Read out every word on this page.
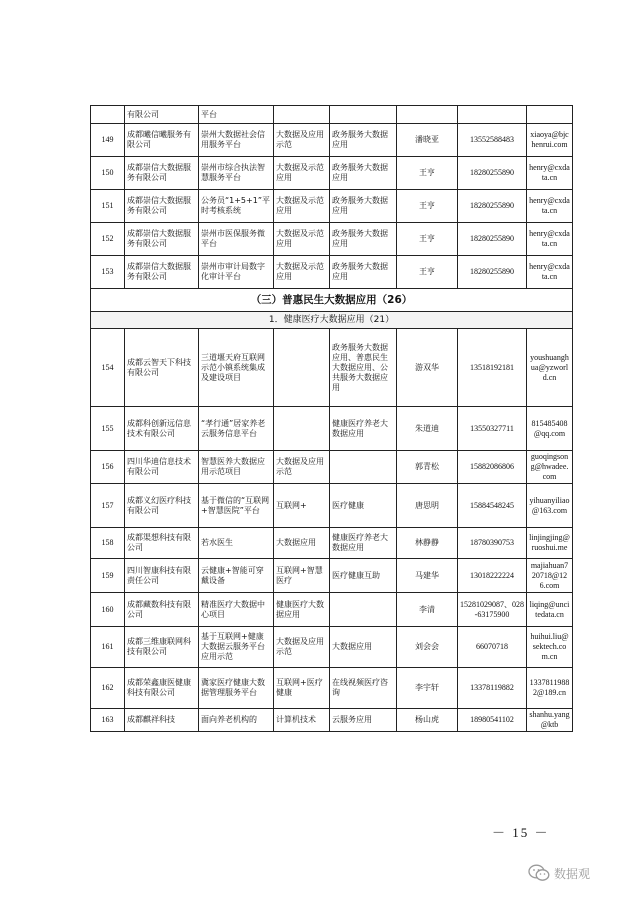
	有限公司	平台					
149	成都曦信曦服务有限公司	崇州大数据社会信用服务平台	大数据及应用示范	政务服务大数据应用	潘晓亚	13552588483	xiaoya@bjchenrui.com
150	成都崇信大数据服务有限公司	崇州市综合执法智慧服务平台	大数据及示范应用	政务服务大数据应用	王亨	18280255890	henry@cxdata.cn
151	成都崇信大数据服务有限公司	公务员“1+5+1”平时考核系统	大数据及示范应用	政务服务大数据应用	王亨	18280255890	henry@cxdata.cn
152	成都崇信大数据服务有限公司	崇州市医保服务微平台	大数据及示范应用	政务服务大数据应用	王亨	18280255890	henry@cxdata.cn
153	成都崇信大数据服务有限公司	崇州市审计局数字化审计平台	大数据及示范应用	政务服务大数据应用	王亨	18280255890	henry@cxdata.cn
（三）普惠民生大数据应用（26）							
1．健康医疗大数据应用（21）							
154	成都云智天下科技有限公司	三道堰天府互联网示范小镇系统集成及建设项目		政务服务大数据应用、普惠民生大数据应用、公共服务大数据应用	游双华	13518192181	youshuanghua@yzworld.cn
155	成都科创新远信息技术有限公司	“孝行通”居家养老云服务信息平台		健康医疗养老大数据应用	朱道迪	13550327711	815485408@qq.com
156	四川华迪信息技术有限公司	智慧医养大数据应用示范项目	大数据及应用示范		郭青松	15882086806	guoqingsong@hwadee.com
157	成都义幻医疗科技有限公司	基于微信的“互联网+智慧医院”平台	互联网+	医疗健康	唐思明	15884548245	yihuanyiliao@163.com
158	成都渠想科技有限公司	若水医生	大数据应用	健康医疗养老大数据应用	林静静	18780390753	linjingjing@ruoshui.me
159	四川智康科技有限责任公司	云健康+智能可穿戴设备	互联网+智慧医疗	医疗健康互助	马建华	13018222224	majiahuan720718@126.com
160	成都藏数科技有限公司	精准医疗大数据中心项目	健康医疗大数据应用		李清	15281029087、028-63175900	liqing@uncitedata.cn
161	成都三维康联网科技有限公司	基于互联网+健康大数据云服务平台应用示范	大数据及应用示范	大数据应用	刘会会	66070718	huihui.liu@sektech.com.cn
162	成都荣鑫康医健康科技有限公司	冀家医疗健康大数据管理服务平台	互联网+医疗健康	在线视频医疗咨询	李宇轩	13378119882	13378119882@189.cn
163	成都麒祥科技	面向养老机构的	计算机技术	云服务应用	杨山虎	18980541102	shanhu.yang@ktb
－ 15 －
数据观
